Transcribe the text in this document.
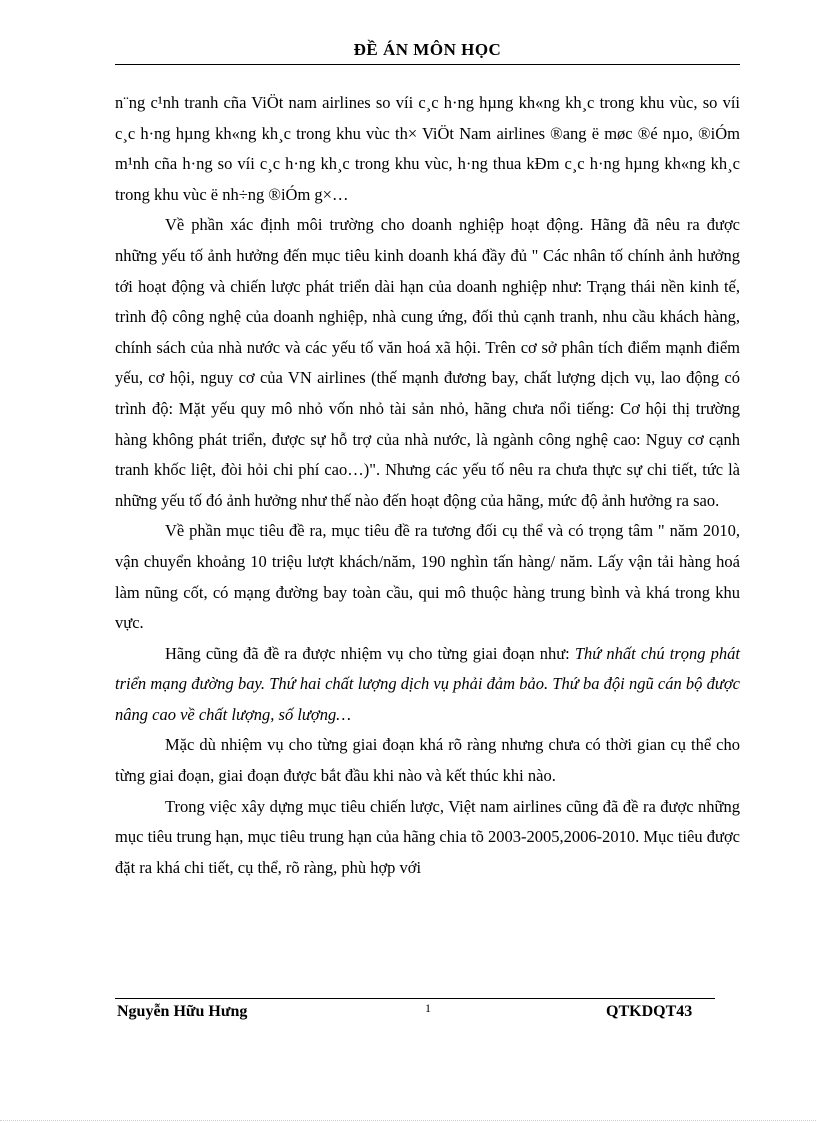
ĐỀ ÁN MÔN HỌC

n¨ng c¹nh tranh cña ViÖt nam airlines so víi c¸c h·ng hµng kh«ng kh¸c trong khu vùc, so víi c¸c h·ng hµng kh«ng kh¸c trong khu vùc th× ViÖt Nam airlines ®ang ë møc ®é nµo, ®iÓm m¹nh cña h·ng so víi c¸c h·ng kh¸c trong khu vùc, h·ng thua kÐm c¸c h·ng hµng kh«ng kh¸c trong khu vùc ë nh÷ng ®iÓm g×…

Về phần xác định môi trường cho doanh nghiệp hoạt động. Hãng đã nêu ra được những yếu tố ảnh hưởng đến mục tiêu kinh doanh khá đầy đủ " Các nhân tố chính ảnh hưởng tới hoạt động và chiến lược phát triển dài hạn của doanh nghiệp như: Trạng thái nền kinh tế, trình độ công nghệ của doanh nghiệp, nhà cung ứng, đối thủ cạnh tranh, nhu cầu khách hàng, chính sách của nhà nước và các yếu tố văn hoá xã hội. Trên cơ sở phân tích điểm mạnh điểm yếu, cơ hội, nguy cơ của VN airlines (thế mạnh đương bay, chất lượng dịch vụ, lao động có trình độ: Mặt yếu quy mô nhỏ vốn nhỏ tài sản nhỏ, hãng chưa nổi tiếng: Cơ hội thị trường hàng không phát triển, được sự hỗ trợ của nhà nước, là ngành công nghệ cao: Nguy cơ cạnh tranh khốc liệt, đòi hỏi chi phí cao…)". Nhưng các yếu tố nêu ra chưa thực sự chi tiết, tức là những yếu tố đó ảnh hưởng như thế nào đến hoạt động của hãng, mức độ ảnh hưởng ra sao.

Về phần mục tiêu đề ra, mục tiêu đề ra tương đối cụ thể và có trọng tâm " năm 2010, vận chuyển khoảng 10 triệu lượt khách/năm, 190 nghìn tấn hàng/ năm. Lấy vận tải hàng hoá làm nũng cốt, có mạng đường bay toàn cầu, qui mô thuộc hàng trung bình và khá trong khu vực.

Hãng cũng đã đề ra được nhiệm vụ cho từng giai đoạn như: Thứ nhất chú trọng phát triển mạng đường bay. Thứ hai chất lượng dịch vụ phải đảm bảo. Thứ ba đội ngũ cán bộ được nâng cao về chất lượng, số lượng…

Mặc dù nhiệm vụ cho từng giai đoạn khá rõ ràng nhưng chưa có thời gian cụ thể cho từng giai đoạn, giai đoạn được bắt đầu khi nào và kết thúc khi nào.

Trong việc xây dựng mục tiêu chiến lược, Việt nam airlines cũng đã đề ra được những mục tiêu trung hạn, mục tiêu trung hạn của hãng chia tõ 2003-2005,2006-2010. Mục tiêu được đặt ra khá chi tiết, cụ thể, rõ ràng, phù hợp với

Nguyễn Hữu Hưng	1	QTKDQT43
